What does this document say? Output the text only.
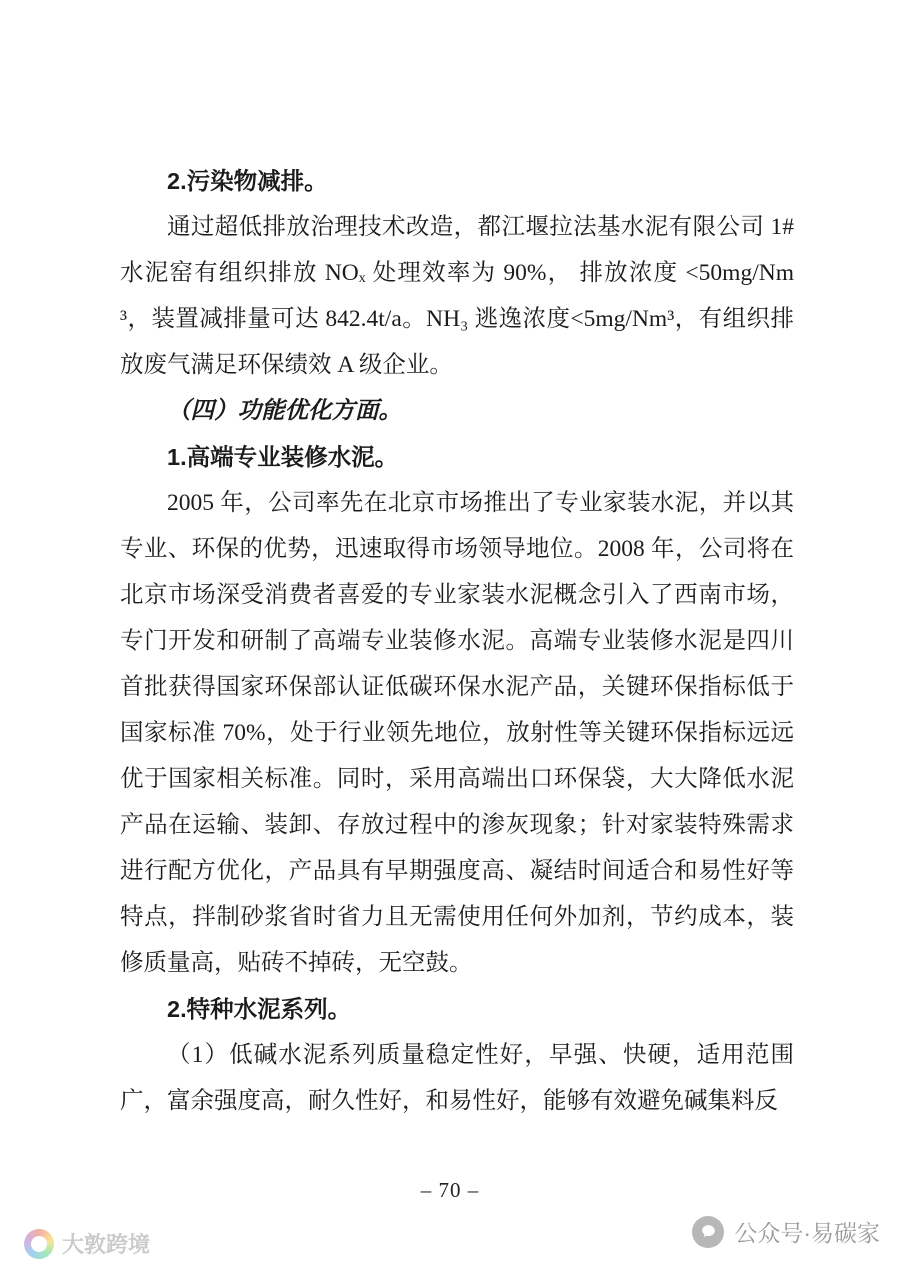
2.污染物减排。

通过超低排放治理技术改造，都江堰拉法基水泥有限公司 1# 水泥窑有组织排放 NOₓ 处理效率为 90%， 排放浓度 <50mg/Nm³，装置减排量可达 842.4t/a。NH₃ 逃逸浓度<5mg/Nm³，有组织排放废气满足环保绩效 A 级企业。

（四）功能优化方面。
1.高端专业装修水泥。

2005 年，公司率先在北京市场推出了专业家装水泥，并以其专业、环保的优势，迅速取得市场领导地位。2008 年，公司将在北京市场深受消费者喜爱的专业家装水泥概念引入了西南市场，专门开发和研制了高端专业装修水泥。高端专业装修水泥是四川首批获得国家环保部认证低碳环保水泥产品，关键环保指标低于国家标准 70%，处于行业领先地位，放射性等关键环保指标远远优于国家相关标准。同时，采用高端出口环保袋，大大降低水泥产品在运输、装卸、存放过程中的渗灰现象；针对家装特殊需求进行配方优化，产品具有早期强度高、凝结时间适合和易性好等特点，拌制砂浆省时省力且无需使用任何外加剂，节约成本，装修质量高，贴砖不掉砖，无空鼓。

2.特种水泥系列。

（1）低碱水泥系列质量稳定性好，早强、快硬，适用范围广，富余强度高，耐久性好，和易性好，能够有效避免碱集料反

– 70 –
公众号·易碳家
大敦跨境
